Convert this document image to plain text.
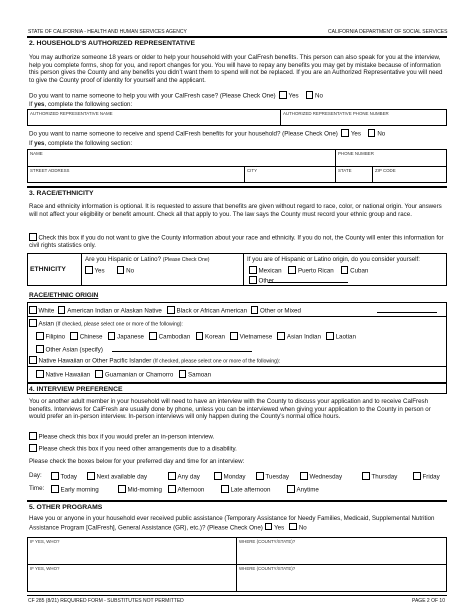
STATE OF CALIFORNIA - HEALTH AND HUMAN SERVICES AGENCY	CALIFORNIA DEPARTMENT OF SOCIAL SERVICES
2. HOUSEHOLD’S AUTHORIZED REPRESENTATIVE
You may authorize someone 18 years or older to help your household with your CalFresh benefits. This person can also speak for you at the interview, help you complete forms, shop for you, and report changes for you. You will have to repay any benefits you may get by mistake because of information this person gives the County and any benefits you didn’t want them to spend will not be replaced. If you are an Authorized Representative you will need to give the County proof of identity for yourself and the applicant.
Do you want to name someone to help you with your CalFresh case? (Please Check One) Yes	No
If yes, complete the following section:
AUTHORIZED REPRESENTATIVE NAME	AUTHORIZED REPRESENTATIVE PHONE NUMBER
Do you want to name someone to receive and spend CalFresh benefits for your household? (Please Check One) Yes	No
If yes, complete the following section:
NAME	PHONE NUMBER
STREET ADDRESS	CITY	STATE	ZIP CODE
3. RACE/ETHNICITY
Race and ethnicity information is optional. It is requested to assure that benefits are given without regard to race, color, or national origin. Your answers will not affect your eligibility or benefit amount. Check all that apply to you. The law says the County must record your ethnic group and race.
Check this box if you do not want to give the County information about your race and ethnicity. If you do not, the County will enter this information for civil rights statistics only.
ETHNICITY
Are you Hispanic or Latino? (Please Check One)
Yes	No
If you are of Hispanic or Latino origin, do you consider yourself:
Mexican	Puerto Rican	Cuban
Other
RACE/ETHNIC ORIGIN
White American Indian or Alaskan Native Black or African American Other or Mixed
Asian (If checked, please select one or more of the following):
Filipino Chinese Japanese Cambodian Korean Vietnamese Asian Indian Laotian
Other Asian (specify)
Native Hawaiian or Other Pacific Islander (If checked, please select one or more of the following):
Native Hawaiian Guamanian or Chamorro Samoan
4. INTERVIEW PREFERENCE
You or another adult member in your household will need to have an interview with the County to discuss your application and to receive CalFresh benefits. Interviews for CalFresh are usually done by phone, unless you can be interviewed when giving your application to the County in person or would prefer an in-person interview. In-person interviews will only happen during the County’s normal office hours.
Please check this box if you would prefer an in-person interview.
Please check this box if you need other arrangements due to a disability.
Please check the boxes below for your preferred day and time for an interview:
Day:	Today	Next available day	Any day	Monday	Tuesday	Wednesday	Thursday	Friday
Time:	Early morning	Mid-morning	Afternoon	Late afternoon	Anytime
5. OTHER PROGRAMS
Have you or anyone in your household ever received public assistance (Temporary Assistance for Needy Families, Medicaid, Supplemental Nutrition Assistance Program [CalFresh], General Assistance (GR), etc.)? (Please Check One) Yes No
IF YES, WHO?	WHERE (COUNTY/STATE)?
IF YES, WHO?	WHERE (COUNTY/STATE)?
CF 285 (8/21) REQUIRED FORM - SUBSTITUTES NOT PERMITTED	PAGE 2 OF 10
